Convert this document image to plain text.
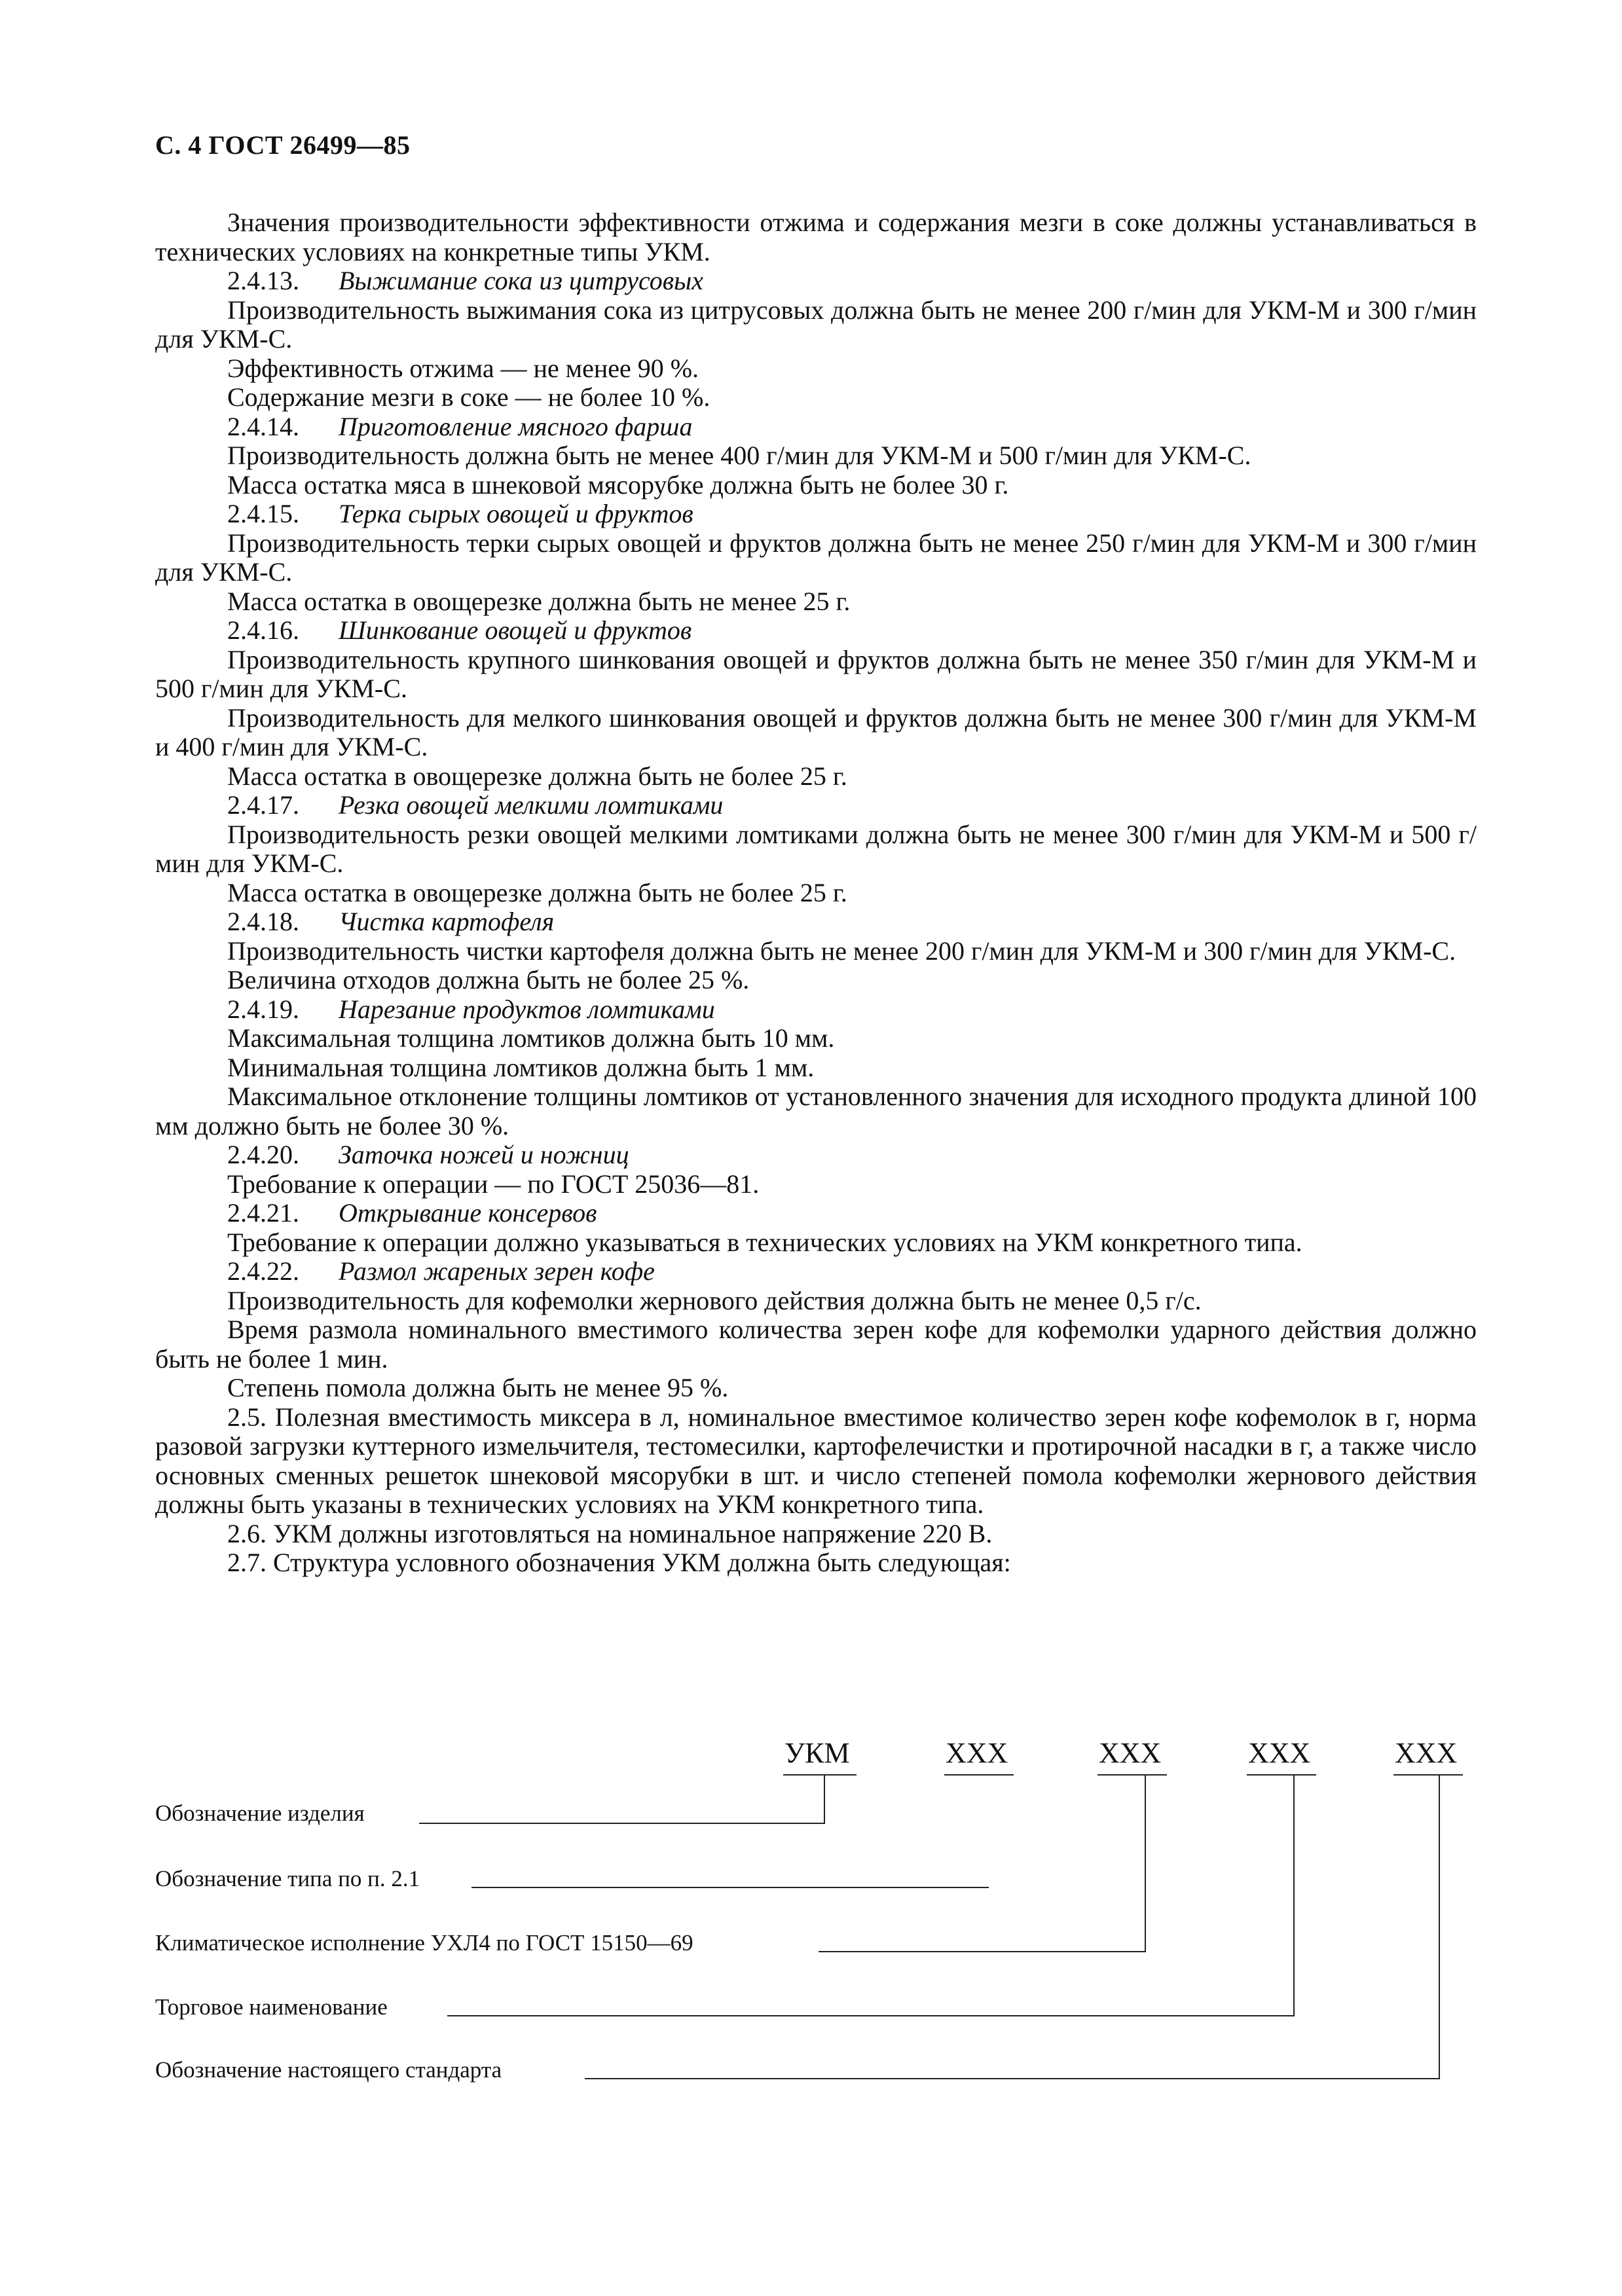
С. 4 ГОСТ 26499—85
Значения производительности эффективности отжима и содержания мезги в соке должны устанавливаться в технических условиях на конкретные типы УКМ.
2.4.13. Выжимание сока из цитрусовых
Производительность выжимания сока из цитрусовых должна быть не менее 200 г/мин для УКМ-М и 300 г/мин для УКМ-С.
Эффективность отжима — не менее 90 %.
Содержание мезги в соке — не более 10 %.
2.4.14. Приготовление мясного фарша
Производительность должна быть не менее 400 г/мин для УКМ-М и 500 г/мин для УКМ-С.
Масса остатка мяса в шнековой мясорубке должна быть не более 30 г.
2.4.15. Терка сырых овощей и фруктов
Производительность терки сырых овощей и фруктов должна быть не менее 250 г/мин для УКМ-М и 300 г/мин для УКМ-С.
Масса остатка в овощерезке должна быть не менее 25 г.
2.4.16. Шинкование овощей и фруктов
Производительность крупного шинкования овощей и фруктов должна быть не менее 350 г/мин для УКМ-М и 500 г/мин для УКМ-С.
Производительность для мелкого шинкования овощей и фруктов должна быть не менее 300 г/мин для УКМ-М и 400 г/мин для УКМ-С.
Масса остатка в овощерезке должна быть не более 25 г.
2.4.17. Резка овощей мелкими ломтиками
Производительность резки овощей мелкими ломтиками должна быть не менее 300 г/мин для УКМ-М и 500 г/мин для УКМ-С.
Масса остатка в овощерезке должна быть не более 25 г.
2.4.18. Чистка картофеля
Производительность чистки картофеля должна быть не менее 200 г/мин для УКМ-М и 300 г/мин для УКМ-С.
Величина отходов должна быть не более 25 %.
2.4.19. Нарезание продуктов ломтиками
Максимальная толщина ломтиков должна быть 10 мм.
Минимальная толщина ломтиков должна быть 1 мм.
Максимальное отклонение толщины ломтиков от установленного значения для исходного продукта длиной 100 мм должно быть не более 30 %.
2.4.20. Заточка ножей и ножниц
Требование к операции — по ГОСТ 25036—81.
2.4.21. Открывание консервов
Требование к операции должно указываться в технических условиях на УКМ конкретного типа.
2.4.22. Размол жареных зерен кофе
Производительность для кофемолки жернового действия должна быть не менее 0,5 г/с.
Время размола номинального вместимого количества зерен кофе для кофемолки ударного действия должно быть не более 1 мин.
Степень помола должна быть не менее 95 %.
2.5. Полезная вместимость миксера в л, номинальное вместимое количество зерен кофе кофемолок в г, норма разовой загрузки куттерного измельчителя, тестомесилки, картофелечистки и протирочной насадки в г, а также число основных сменных решеток шнековой мясорубки в шт. и число степеней помола кофемолки жернового действия должны быть указаны в технических условиях на УКМ конкретного типа.
2.6. УКМ должны изготовляться на номинальное напряжение 220 В.
2.7. Структура условного обозначения УКМ должна быть следующая:
УКМ	ХХХ	ХХХ	ХХХ	ХХХ
Обозначение изделия
Обозначение типа по п. 2.1
Климатическое исполнение УХЛ4 по ГОСТ 15150—69
Торговое наименование
Обозначение настоящего стандарта
